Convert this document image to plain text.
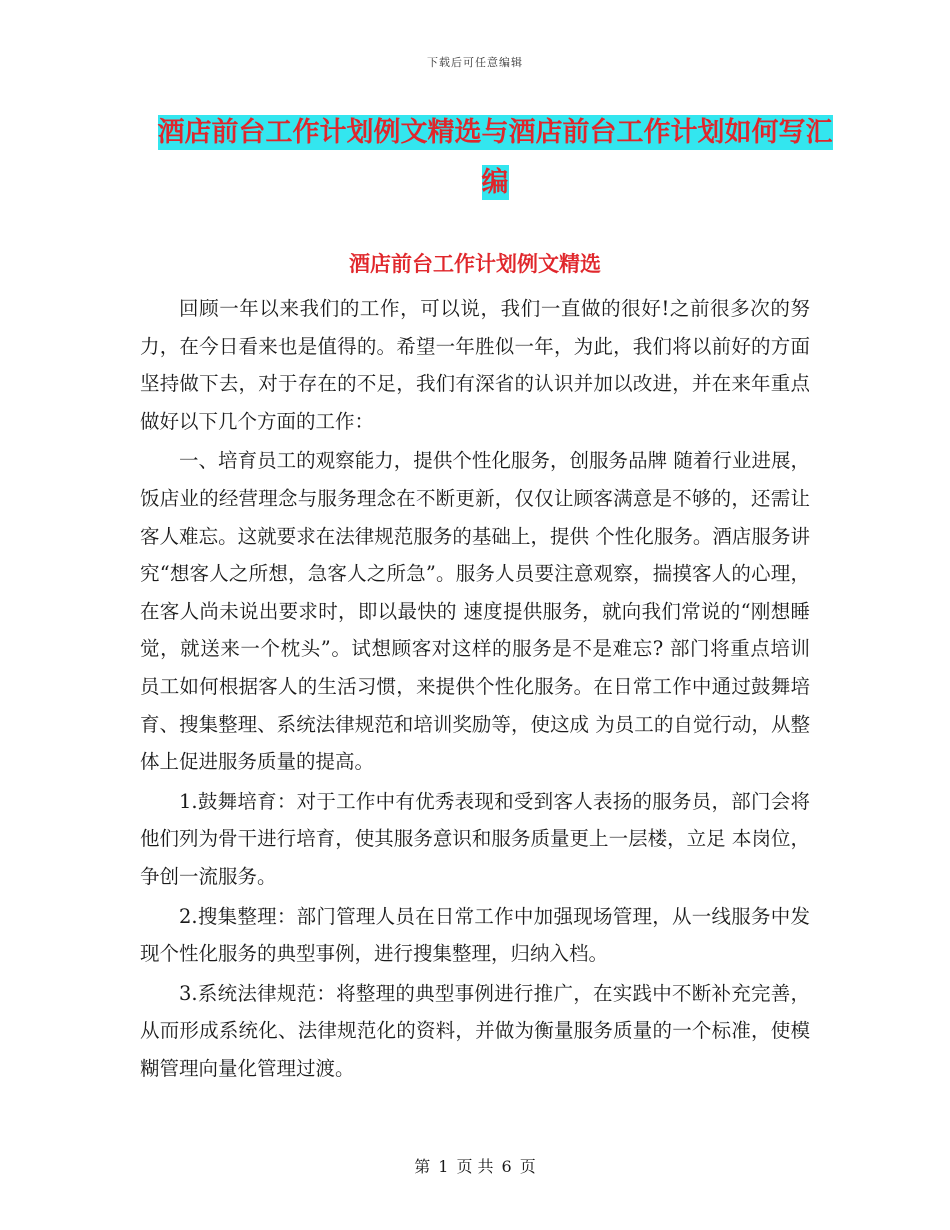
下载后可任意编辑
酒店前台工作计划例文精选与酒店前台工作计划如何写汇编
酒店前台工作计划例文精选

回顾一年以来我们的工作，可以说，我们一直做的很好!之前很多次的努力，在今日看来也是值得的。希望一年胜似一年，为此，我们将以前好的方面坚持做下去，对于存在的不足，我们有深省的认识并加以改进，并在来年重点做好以下几个方面的工作：

一、培育员工的观察能力，提供个性化服务，创服务品牌 随着行业进展，饭店业的经营理念与服务理念在不断更新，仅仅让顾客满意是不够的，还需让客人难忘。这就要求在法律规范服务的基础上，提供 个性化服务。酒店服务讲究“想客人之所想，急客人之所急”。服务人员要注意观察，揣摸客人的心理，在客人尚未说出要求时，即以最快的 速度提供服务，就向我们常说的“刚想睡觉，就送来一个枕头”。试想顾客对这样的服务是不是难忘? 部门将重点培训员工如何根据客人的生活习惯，来提供个性化服务。在日常工作中通过鼓舞培育、搜集整理、系统法律规范和培训奖励等，使这成 为员工的自觉行动，从整体上促进服务质量的提高。

1.鼓舞培育：对于工作中有优秀表现和受到客人表扬的服务员，部门会将他们列为骨干进行培育，使其服务意识和服务质量更上一层楼，立足 本岗位，争创一流服务。

2.搜集整理：部门管理人员在日常工作中加强现场管理，从一线服务中发现个性化服务的典型事例，进行搜集整理，归纳入档。

3.系统法律规范：将整理的典型事例进行推广，在实践中不断补充完善，从而形成系统化、法律规范化的资料，并做为衡量服务质量的一个标准，使模 糊管理向量化管理过渡。

第 1 页 共 6 页
